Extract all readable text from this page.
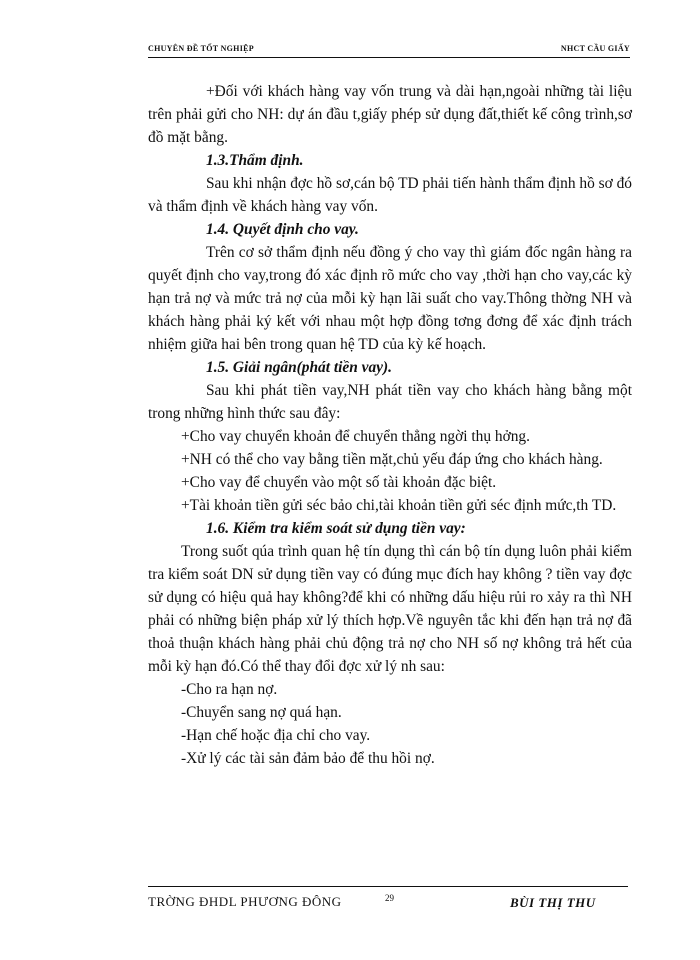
CHUYÊN ĐỀ TỐT NGHIỆP	NHCT CẦU GIẤY

+Đối với khách hàng vay vốn trung và dài hạn,ngoài những tài liệu trên phải gửi cho NH: dự án đầu t,giấy phép sử dụng đất,thiết kế công trình,sơ đồ mặt bằng.

1.3.Thẩm định.

Sau khi nhận đợc hồ sơ,cán bộ TD phải tiến hành thẩm định hồ sơ đó và thẩm định về khách hàng vay vốn.

1.4. Quyết định cho vay.

Trên cơ sở thẩm định nếu đồng ý cho vay thì giám đốc ngân hàng ra quyết định cho vay,trong đó xác định rõ mức cho vay ,thời hạn cho vay,các kỳ hạn trả nợ và mức trả nợ của mỗi kỳ hạn lãi suất cho vay.Thông thờng NH và khách hàng phải ký kết với nhau một hợp đồng tơng đơng để xác định trách nhiệm giữa hai bên trong quan hệ TD của kỳ kế hoạch.

1.5. Giải ngân(phát tiền vay).

Sau khi phát tiền vay,NH phát tiền vay cho khách hàng bằng một trong những hình thức sau đây:

+Cho vay chuyển khoản để chuyển thẳng ngời thụ hởng.

+NH có thể cho vay bằng tiền mặt,chủ yếu đáp ứng cho khách hàng.

+Cho vay để chuyển vào một số tài khoản đặc biệt.

+Tài khoản tiền gửi séc bảo chi,tài khoản tiền gửi séc định mức,th TD.

1.6. Kiểm tra kiểm soát sử dụng tiền vay:

Trong suốt qúa trình quan hệ tín dụng thì cán bộ tín dụng luôn phải kiểm tra kiểm soát DN sử dụng tiền vay có đúng mục đích hay không ? tiền vay đợc sử dụng có hiệu quả hay không?để khi có những dấu hiệu rủi ro xảy ra thì NH phải có những biện pháp xử lý thích hợp.Về nguyên tắc khi đến hạn trả nợ đã thoả thuận khách hàng phải chủ động trả nợ cho NH số nợ không trả hết của mỗi kỳ hạn đó.Có thể thay đổi đợc xử lý nh sau:

-Cho ra hạn nợ.

-Chuyển sang nợ quá hạn.

-Hạn chế hoặc địa chỉ cho vay.

-Xử lý các tài sản đảm bảo để thu hồi nợ.

TRỜNG ĐHDL PHƯƠNG ĐÔNG	29	BÙI THỊ THU
